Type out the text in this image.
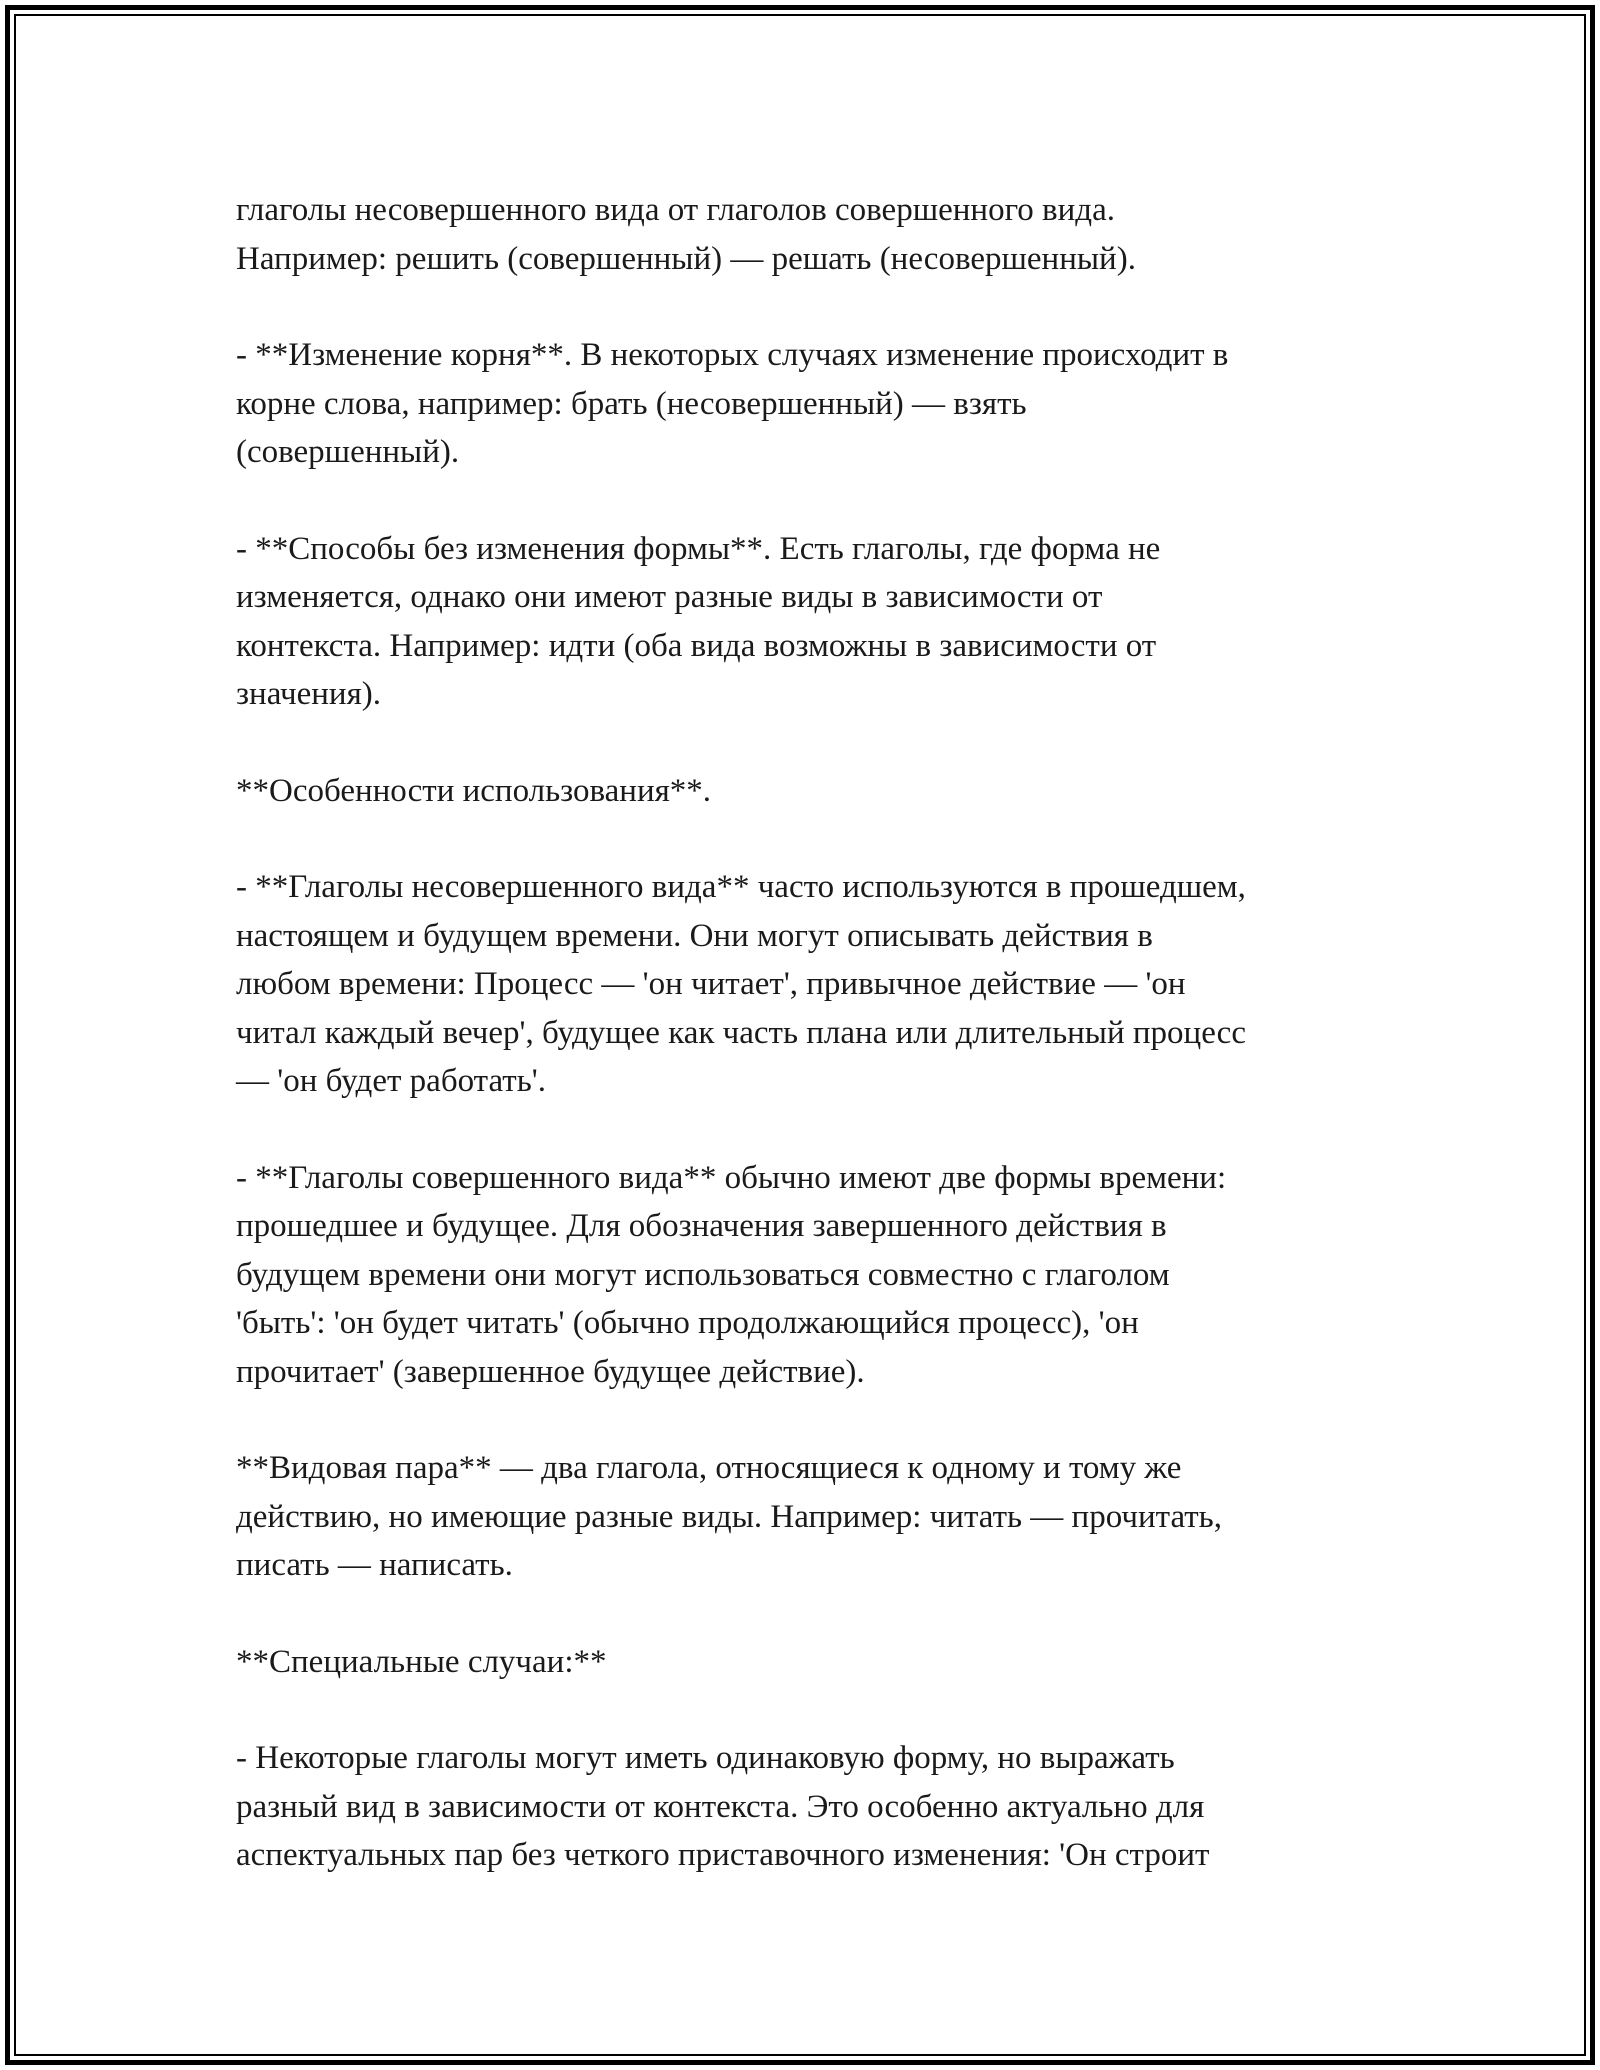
глаголы несовершенного вида от глаголов совершенного вида.
Например: решить (совершенный) — решать (несовершенный).

- **Изменение корня**. В некоторых случаях изменение происходит в
корне слова, например: брать (несовершенный) — взять
(совершенный).

- **Способы без изменения формы**. Есть глаголы, где форма не
изменяется, однако они имеют разные виды в зависимости от
контекста. Например: идти (оба вида возможны в зависимости от
значения).

**Особенности использования**.

- **Глаголы несовершенного вида** часто используются в прошедшем,
настоящем и будущем времени. Они могут описывать действия в
любом времени: Процесс — 'он читает', привычное действие — 'он
читал каждый вечер', будущее как часть плана или длительный процесс
— 'он будет работать'.

- **Глаголы совершенного вида** обычно имеют две формы времени:
прошедшее и будущее. Для обозначения завершенного действия в
будущем времени они могут использоваться совместно с глаголом
'быть': 'он будет читать' (обычно продолжающийся процесс), 'он
прочитает' (завершенное будущее действие).

**Видовая пара** — два глагола, относящиеся к одному и тому же
действию, но имеющие разные виды. Например: читать — прочитать,
писать — написать.

**Специальные случаи:**

- Некоторые глаголы могут иметь одинаковую форму, но выражать
разный вид в зависимости от контекста. Это особенно актуально для
аспектуальных пар без четкого приставочного изменения: 'Он строит
